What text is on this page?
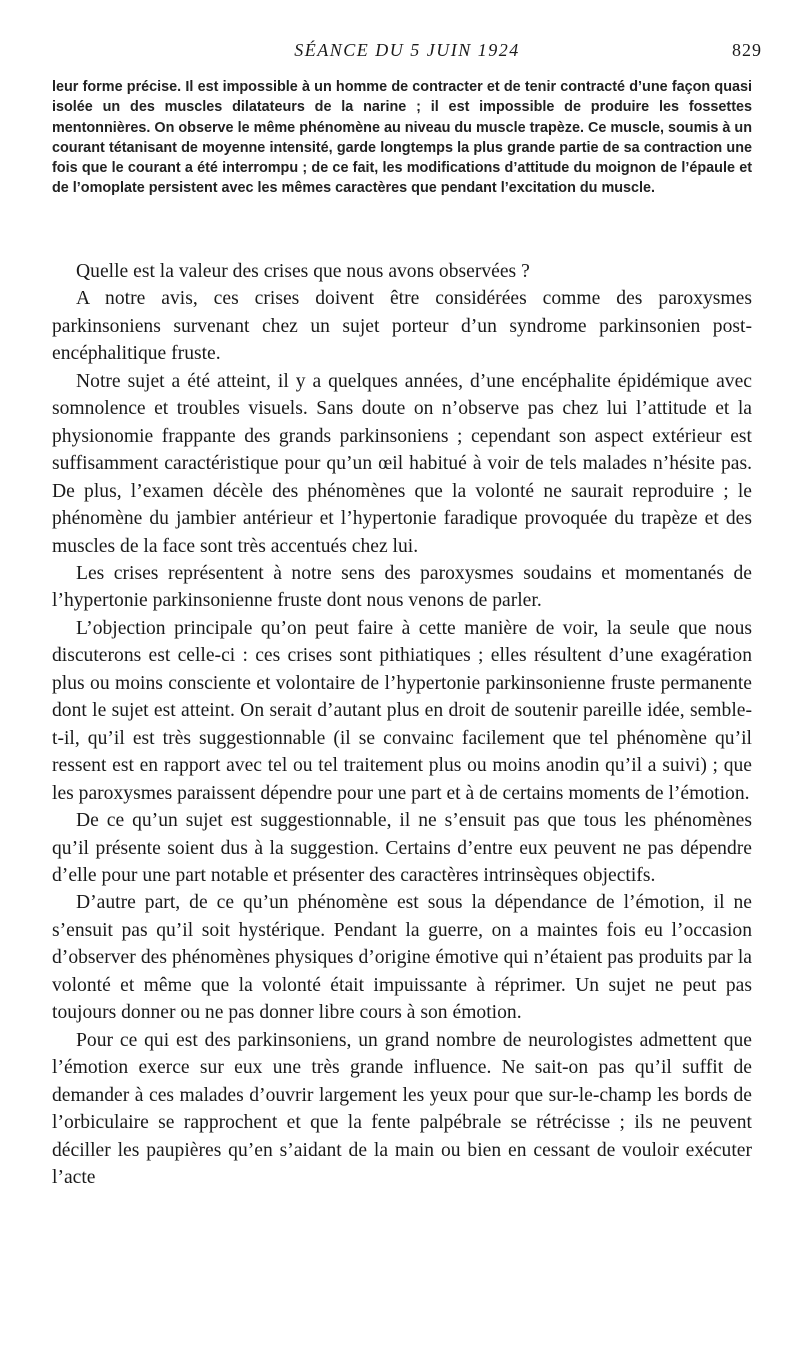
SÉANCE DU 5 JUIN 1924	829
leur forme précise. Il est impossible à un homme de contracter et de tenir contracté d’une façon quasi isolée un des muscles dilatateurs de la narine ; il est impossible de produire les fossettes mentonnières. On observe le même phénomène au niveau du muscle trapèze. Ce muscle, soumis à un courant tétanisant de moyenne intensité, garde longtemps la plus grande partie de sa contraction une fois que le courant a été interrompu ; de ce fait, les modifications d’attitude du moignon de l’épaule et de l’omoplate persistent avec les mêmes caractères que pendant l’excitation du muscle.

Quelle est la valeur des crises que nous avons observées ?

A notre avis, ces crises doivent être considérées comme des paroxysmes parkinsoniens survenant chez un sujet porteur d’un syndrome parkinsonien post-encéphalitique fruste.

Notre sujet a été atteint, il y a quelques années, d’une encéphalite épidémique avec somnolence et troubles visuels. Sans doute on n’observe pas chez lui l’attitude et la physionomie frappante des grands parkinsoniens ; cependant son aspect extérieur est suffisamment caractéristique pour qu’un œil habitué à voir de tels malades n’hésite pas. De plus, l’examen décèle des phénomènes que la volonté ne saurait reproduire ; le phénomène du jambier antérieur et l’hypertonie faradique provoquée du trapèze et des muscles de la face sont très accentués chez lui.

Les crises représentent à notre sens des paroxysmes soudains et momentanés de l’hypertonie parkinsonienne fruste dont nous venons de parler.

L’objection principale qu’on peut faire à cette manière de voir, la seule que nous discuterons est celle-ci : ces crises sont pithiatiques ; elles résultent d’une exagération plus ou moins consciente et volontaire de l’hypertonie parkinsonienne fruste permanente dont le sujet est atteint. On serait d’autant plus en droit de soutenir pareille idée, semble-t-il, qu’il est très suggestionnable (il se convainc facilement que tel phénomène qu’il ressent est en rapport avec tel ou tel traitement plus ou moins anodin qu’il a suivi) ; que les paroxysmes paraissent dépendre pour une part et à de certains moments de l’émotion.

De ce qu’un sujet est suggestionnable, il ne s’ensuit pas que tous les phénomènes qu’il présente soient dus à la suggestion. Certains d’entre eux peuvent ne pas dépendre d’elle pour une part notable et présenter des caractères intrinsèques objectifs.

D’autre part, de ce qu’un phénomène est sous la dépendance de l’émotion, il ne s’ensuit pas qu’il soit hystérique. Pendant la guerre, on a maintes fois eu l’occasion d’observer des phénomènes physiques d’origine émotive qui n’étaient pas produits par la volonté et même que la volonté était impuissante à réprimer. Un sujet ne peut pas toujours donner ou ne pas donner libre cours à son émotion.

Pour ce qui est des parkinsoniens, un grand nombre de neurologistes admettent que l’émotion exerce sur eux une très grande influence. Ne sait-on pas qu’il suffit de demander à ces malades d’ouvrir largement les yeux pour que sur-le-champ les bords de l’orbiculaire se rapprochent et que la fente palpébrale se rétrécisse ; ils ne peuvent déciller les paupières qu’en s’aidant de la main ou bien en cessant de vouloir exécuter l’acte
